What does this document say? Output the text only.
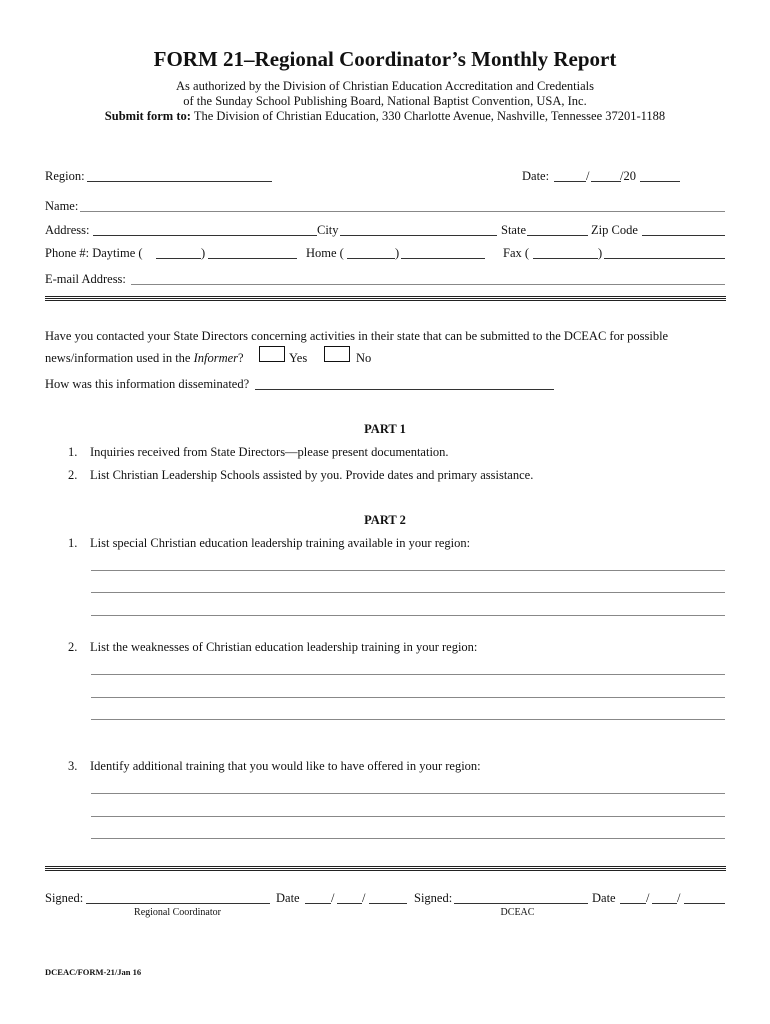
FORM 21–Regional Coordinator’s Monthly Report
As authorized by the Division of Christian Education Accreditation and Credentials
of the Sunday School Publishing Board, National Baptist Convention, USA, Inc.
Submit form to: The Division of Christian Education, 330 Charlotte Avenue, Nashville, Tennessee 37201-1188
Region:	Date:	/ /20
Name:
Address:	City	State	Zip Code
Phone #: Daytime (	)	Home (	)	Fax (	)
E-mail Address:
Have you contacted your State Directors concerning activities in their state that can be submitted to the DCEAC for possible
news/information used in the Informer?	Yes	No
How was this information disseminated?
PART 1
1. Inquiries received from State Directors—please present documentation.
2. List Christian Leadership Schools assisted by you. Provide dates and primary assistance.
PART 2
1. List special Christian education leadership training available in your region:
2. List the weaknesses of Christian education leadership training in your region:
3. Identify additional training that you would like to have offered in your region:
Signed:	Date	/ /	Signed:	Date / /
Regional Coordinator	DCEAC
DCEAC/FORM-21/Jan 16
